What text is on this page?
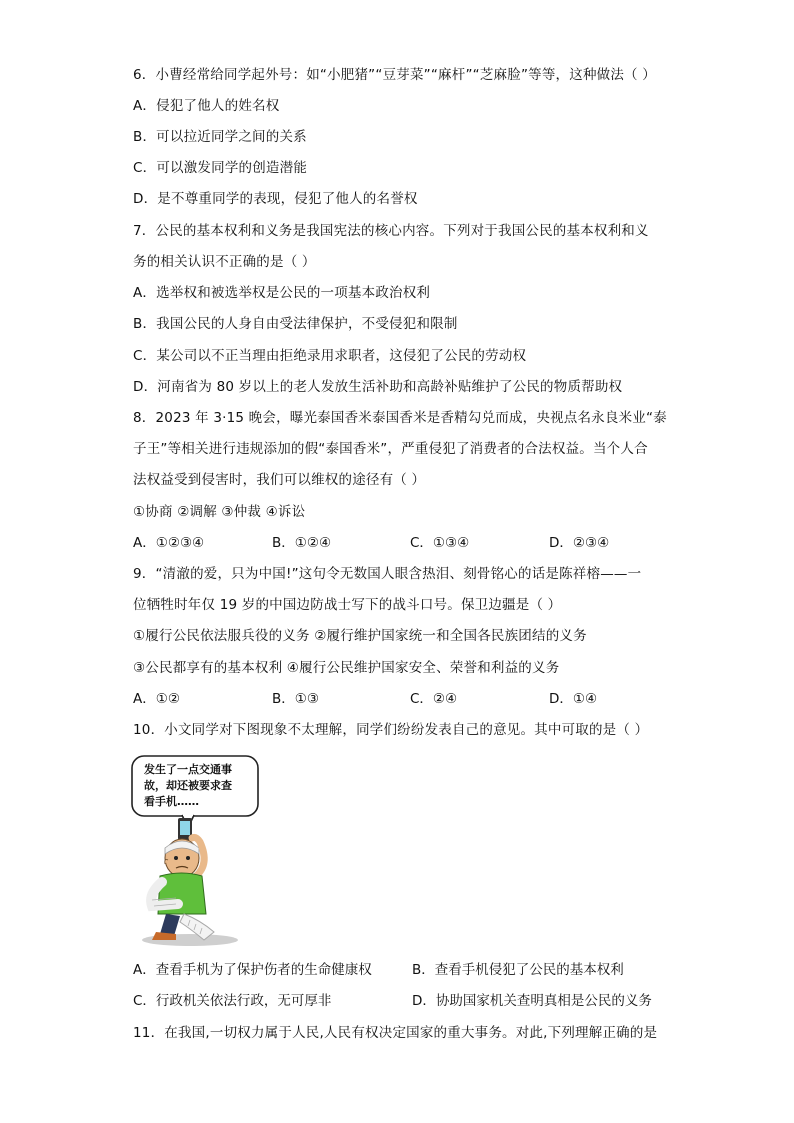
6．小曹经常给同学起外号：如“小肥猪”“豆芽菜”“麻杆”“芝麻脸”等等，这种做法（ ）
A．侵犯了他人的姓名权
B．可以拉近同学之间的关系
C．可以激发同学的创造潜能
D．是不尊重同学的表现，侵犯了他人的名誉权
7．公民的基本权利和义务是我国宪法的核心内容。下列对于我国公民的基本权利和义
务的相关认识不正确的是（ ）
A．选举权和被选举权是公民的一项基本政治权利
B．我国公民的人身自由受法律保护，不受侵犯和限制
C．某公司以不正当理由拒绝录用求职者，这侵犯了公民的劳动权
D．河南省为 80 岁以上的老人发放生活补助和高龄补贴维护了公民的物质帮助权
8．2023 年 3·15 晚会，曝光泰国香米泰国香米是香精勾兑而成，央视点名永良米业“泰
子王”等相关进行违规添加的假“泰国香米”，严重侵犯了消费者的合法权益。当个人合
法权益受到侵害时，我们可以维权的途径有（ ）
①协商 ②调解 ③仲裁 ④诉讼
A．①②③④	B．①②④	C．①③④	D．②③④
9．“清澈的爱，只为中国!”这句令无数国人眼含热泪、刻骨铭心的话是陈祥榕——一
位牺牲时年仅 19 岁的中国边防战士写下的战斗口号。保卫边疆是（ ）
①履行公民依法服兵役的义务 ②履行维护国家统一和全国各民族团结的义务
③公民都享有的基本权利 ④履行公民维护国家安全、荣誉和利益的义务
A．①②	B．①③	C．②④	D．①④
10．小文同学对下图现象不太理解，同学们纷纷发表自己的意见。其中可取的是（ ）
发生了一点交通事
故，却还被要求查
看手机……
A．查看手机为了保护伤者的生命健康权	B．查看手机侵犯了公民的基本权利
C．行政机关依法行政，无可厚非	D．协助国家机关查明真相是公民的义务
11．在我国,一切权力属于人民,人民有权决定国家的重大事务。对此,下列理解正确的是
